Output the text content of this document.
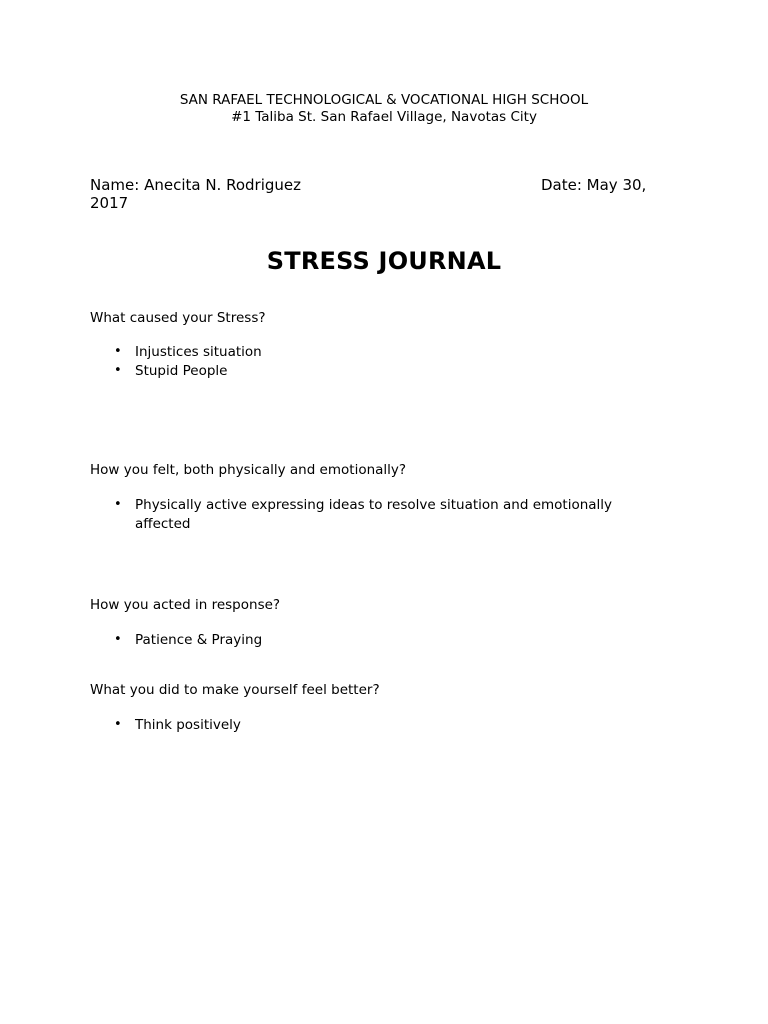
SAN RAFAEL TECHNOLOGICAL & VOCATIONAL HIGH SCHOOL
#1 Taliba St. San Rafael Village, Navotas City
Name: Anecita N. Rodriguez	Date: May 30,
2017
STRESS JOURNAL
What caused your Stress?
• Injustices situation
• Stupid People
How you felt, both physically and emotionally?
• Physically active expressing ideas to resolve situation and emotionally affected
How you acted in response?
• Patience & Praying
What you did to make yourself feel better?
• Think positively
